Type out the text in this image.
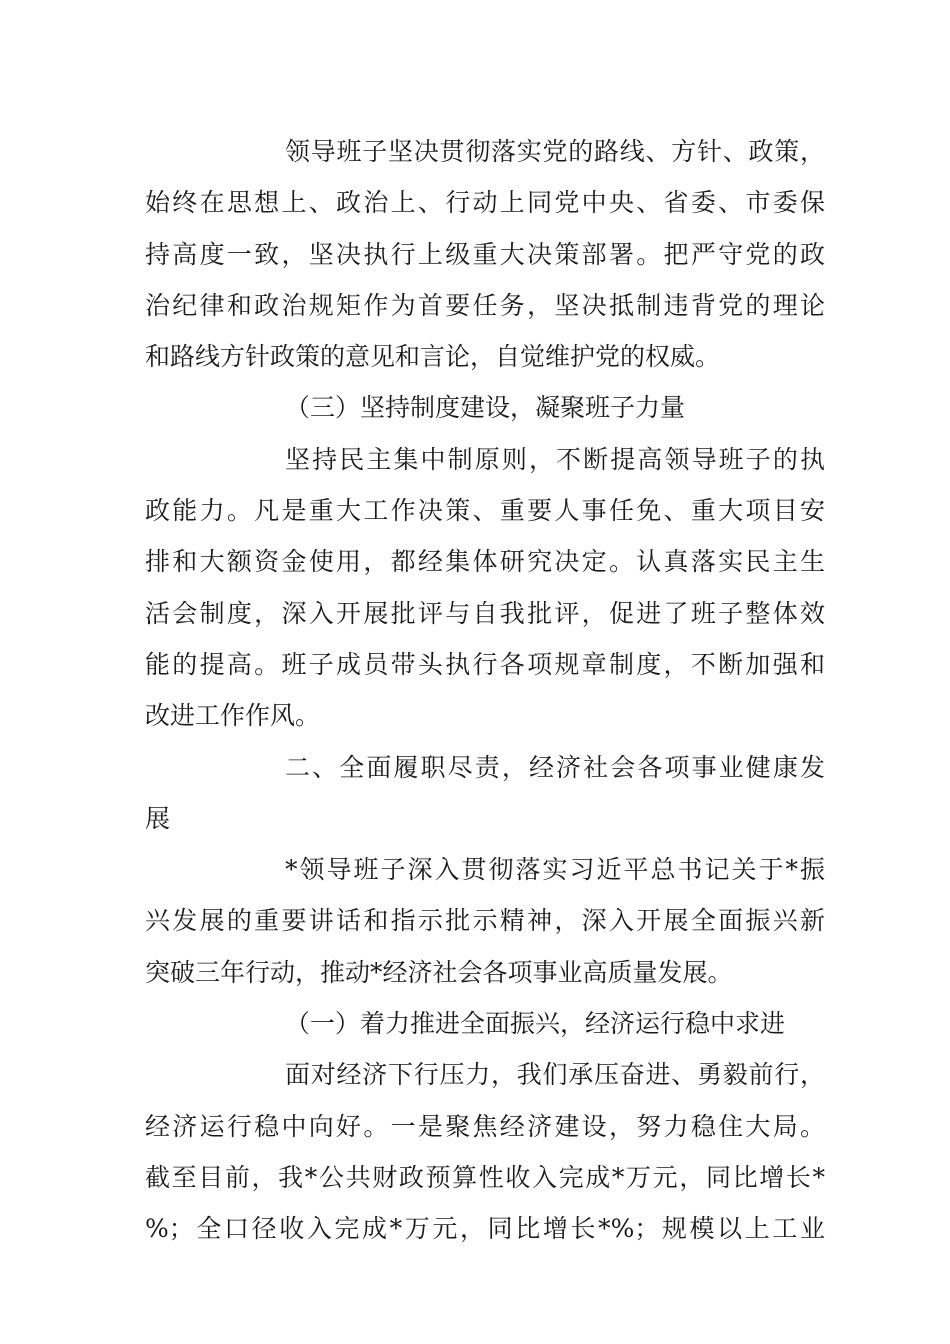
领导班子坚决贯彻落实党的路线、方针、政策，
始终在思想上、政治上、行动上同党中央、省委、市委保
持高度一致，坚决执行上级重大决策部署。把严守党的政
治纪律和政治规矩作为首要任务，坚决抵制违背党的理论
和路线方针政策的意见和言论，自觉维护党的权威。
（三）坚持制度建设，凝聚班子力量
坚持民主集中制原则，不断提高领导班子的执
政能力。凡是重大工作决策、重要人事任免、重大项目安
排和大额资金使用，都经集体研究决定。认真落实民主生
活会制度，深入开展批评与自我批评，促进了班子整体效
能的提高。班子成员带头执行各项规章制度，不断加强和
改进工作作风。
二、全面履职尽责，经济社会各项事业健康发
展
*领导班子深入贯彻落实习近平总书记关于*振
兴发展的重要讲话和指示批示精神，深入开展全面振兴新
突破三年行动，推动*经济社会各项事业高质量发展。
（一）着力推进全面振兴，经济运行稳中求进
面对经济下行压力，我们承压奋进、勇毅前行，
经济运行稳中向好。一是聚焦经济建设，努力稳住大局。
截至目前，我*公共财政预算性收入完成*万元，同比增长*
%；全口径收入完成*万元，同比增长*%；规模以上工业
